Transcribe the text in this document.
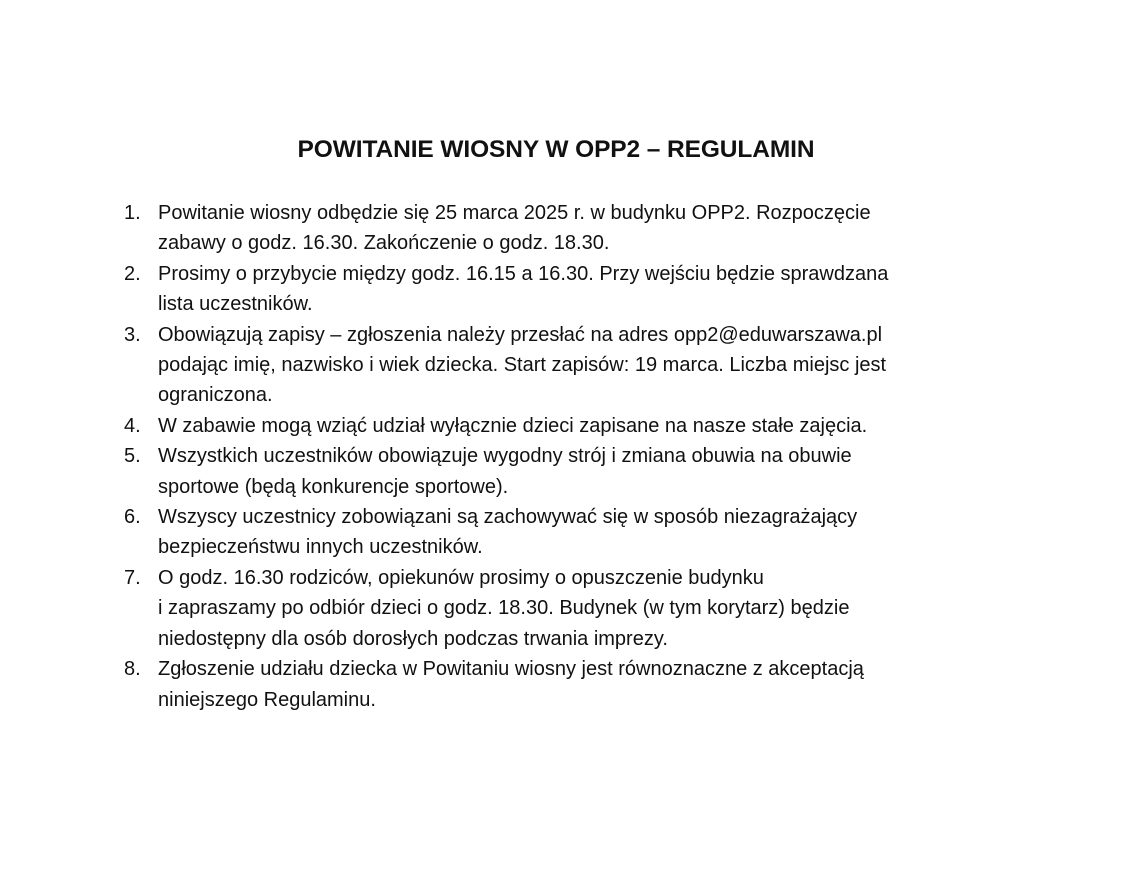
POWITANIE WIOSNY W OPP2 – REGULAMIN
1. Powitanie wiosny odbędzie się 25 marca 2025 r. w budynku OPP2. Rozpoczęcie
zabawy o godz. 16.30. Zakończenie o godz. 18.30.
2. Prosimy o przybycie między godz. 16.15 a 16.30. Przy wejściu będzie sprawdzana
lista uczestników.
3. Obowiązują zapisy – zgłoszenia należy przesłać na adres opp2@eduwarszawa.pl
podając imię, nazwisko i wiek dziecka. Start zapisów: 19 marca. Liczba miejsc jest
ograniczona.
4. W zabawie mogą wziąć udział wyłącznie dzieci zapisane na nasze stałe zajęcia.
5. Wszystkich uczestników obowiązuje wygodny strój i zmiana obuwia na obuwie
sportowe (będą konkurencje sportowe).
6. Wszyscy uczestnicy zobowiązani są zachowywać się w sposób niezagrażający
bezpieczeństwu innych uczestników.
7. O godz. 16.30 rodziców, opiekunów prosimy o opuszczenie budynku
i zapraszamy po odbiór dzieci o godz. 18.30. Budynek (w tym korytarz) będzie
niedostępny dla osób dorosłych podczas trwania imprezy.
8. Zgłoszenie udziału dziecka w Powitaniu wiosny jest równoznaczne z akceptacją
niniejszego Regulaminu.
